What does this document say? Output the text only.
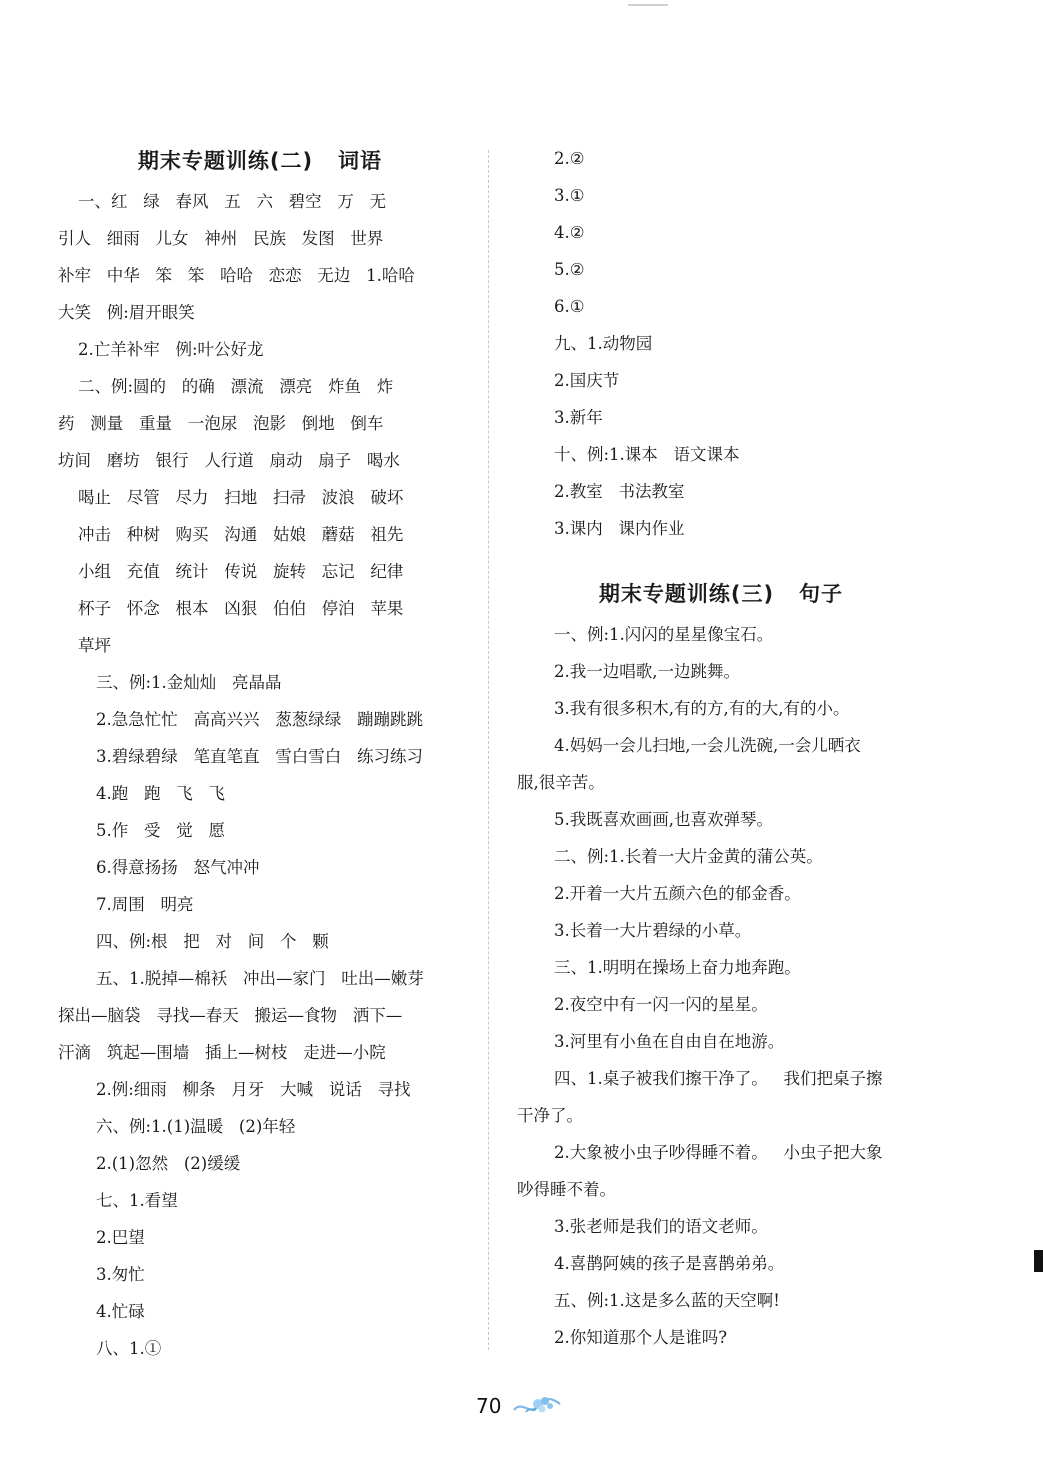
期末专题训练(二)   词语
一、红   绿   春风   五   六   碧空   万   无
引人   细雨   儿女   神州   民族   发图   世界
补牢   中华   笨   笨   哈哈   恋恋   无边   1.哈哈
大笑   例:眉开眼笑
2.亡羊补牢   例:叶公好龙
二、例:圆的   的确   漂流   漂亮   炸鱼   炸
药   测量   重量   一泡尿   泡影   倒地   倒车
坊间   磨坊   银行   人行道   扇动   扇子   喝水
喝止   尽管   尽力   扫地   扫帚   波浪   破坏
冲击   种树   购买   沟通   姑娘   蘑菇   祖先
小组   充值   统计   传说   旋转   忘记   纪律
杯子   怀念   根本   凶狠   伯伯   停泊   苹果
草坪
三、例:1.金灿灿   亮晶晶
2.急急忙忙   高高兴兴   葱葱绿绿   蹦蹦跳跳
3.碧绿碧绿   笔直笔直   雪白雪白   练习练习
4.跑   跑   飞   飞
5.作   受   觉   愿
6.得意扬扬   怒气冲冲
7.周围   明亮
四、例:根   把   对   间   个   颗
五、1.脱掉—棉袄   冲出—家门   吐出—嫩芽
探出—脑袋   寻找—春天   搬运—食物   洒下—
汗滴   筑起—围墙   插上—树枝   走进—小院
2.例:细雨   柳条   月牙   大喊   说话   寻找
六、例:1.(1)温暖   (2)年轻
2.(1)忽然   (2)缓缓
七、1.看望
2.巴望
3.匆忙
4.忙碌
八、1.①
2.②
3.①
4.②
5.②
6.①
九、1.动物园
2.国庆节
3.新年
十、例:1.课本   语文课本
2.教室   书法教室
3.课内   课内作业
期末专题训练(三)   句子
一、例:1.闪闪的星星像宝石。
2.我一边唱歌,一边跳舞。
3.我有很多积木,有的方,有的大,有的小。
4.妈妈一会儿扫地,一会儿洗碗,一会儿晒衣
服,很辛苦。
5.我既喜欢画画,也喜欢弹琴。
二、例:1.长着一大片金黄的蒲公英。
2.开着一大片五颜六色的郁金香。
3.长着一大片碧绿的小草。
三、1.明明在操场上奋力地奔跑。
2.夜空中有一闪一闪的星星。
3.河里有小鱼在自由自在地游。
四、1.桌子被我们擦干净了。   我们把桌子擦
干净了。
2.大象被小虫子吵得睡不着。   小虫子把大象
吵得睡不着。
3.张老师是我们的语文老师。
4.喜鹊阿姨的孩子是喜鹊弟弟。
五、例:1.这是多么蓝的天空啊!
2.你知道那个人是谁吗?
70
